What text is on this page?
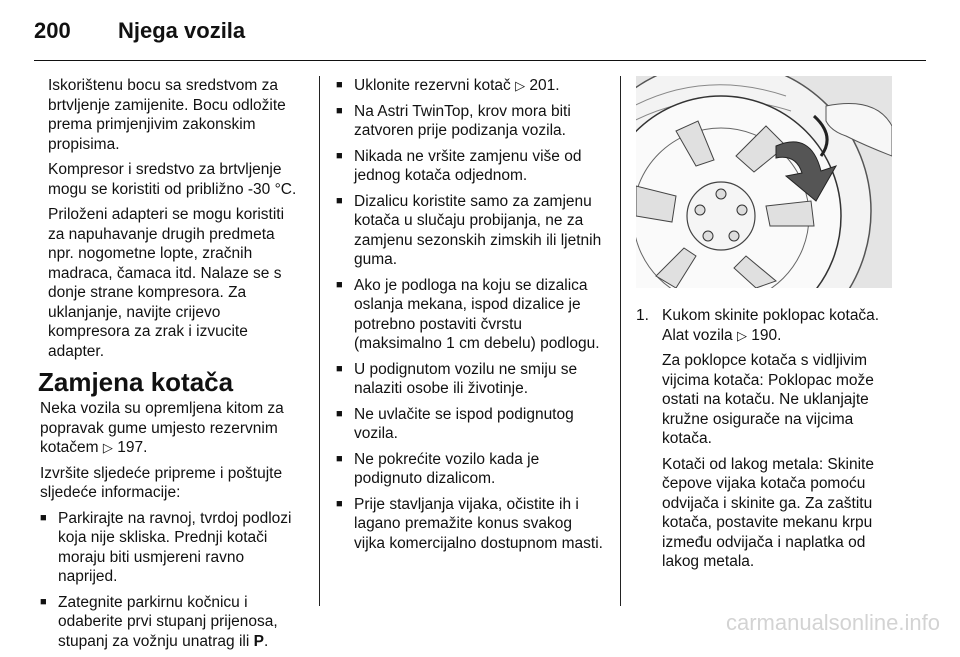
200	Njega vozila

Iskorištenu bocu sa sredstvom za brtvljenje zamijenite. Bocu odložite prema primjenjivim zakonskim propisima.

Kompresor i sredstvo za brtvljenje mogu se koristiti od približno -30 °C.

Priloženi adapteri se mogu koristiti za napuhavanje drugih predmeta npr. nogometne lopte, zračnih madraca, čamaca itd. Nalaze se s donje strane kompresora. Za uklanjanje, navijte crijevo kompresora za zrak i izvucite adapter.

Zamjena kotača

Neka vozila su opremljena kitom za popravak gume umjesto rezervnim kotačem ▷ 197.

Izvršite sljedeće pripreme i poštujte sljedeće informacije:

■ Parkirajte na ravnoj, tvrdoj podlozi koja nije skliska. Prednji kotači moraju biti usmjereni ravno naprijed.
■ Zategnite parkirnu kočnicu i odaberite prvi stupanj prijenosa, stupanj za vožnju unatrag ili P.
■ Uklonite rezervni kotač ▷ 201.
■ Na Astri TwinTop, krov mora biti zatvoren prije podizanja vozila.
■ Nikada ne vršite zamjenu više od jednog kotača odjednom.
■ Dizalicu koristite samo za zamjenu kotača u slučaju probijanja, ne za zamjenu sezonskih zimskih ili ljetnih guma.
■ Ako je podloga na koju se dizalica oslanja mekana, ispod dizalice je potrebno postaviti čvrstu (maksimalno 1 cm debelu) podlogu.
■ U podignutom vozilu ne smiju se nalaziti osobe ili životinje.
■ Ne uvlačite se ispod podignutog vozila.
■ Ne pokrećite vozilo kada je podignuto dizalicom.
■ Prije stavljanja vijaka, očistite ih i lagano premažite konus svakog vijka komercijalno dostupnom masti.
1. Kukom skinite poklopac kotača. Alat vozila ▷ 190.

Za poklopce kotača s vidljivim vijcima kotača: Poklopac može ostati na kotaču. Ne uklanjajte kružne osigurače na vijcima kotača.

Kotači od lakog metala: Skinite čepove vijaka kotača pomoću odvijača i skinite ga. Za zaštitu kotača, postavite mekanu krpu između odvijača i naplatka od lakog metala.

carmanualsonline.info
